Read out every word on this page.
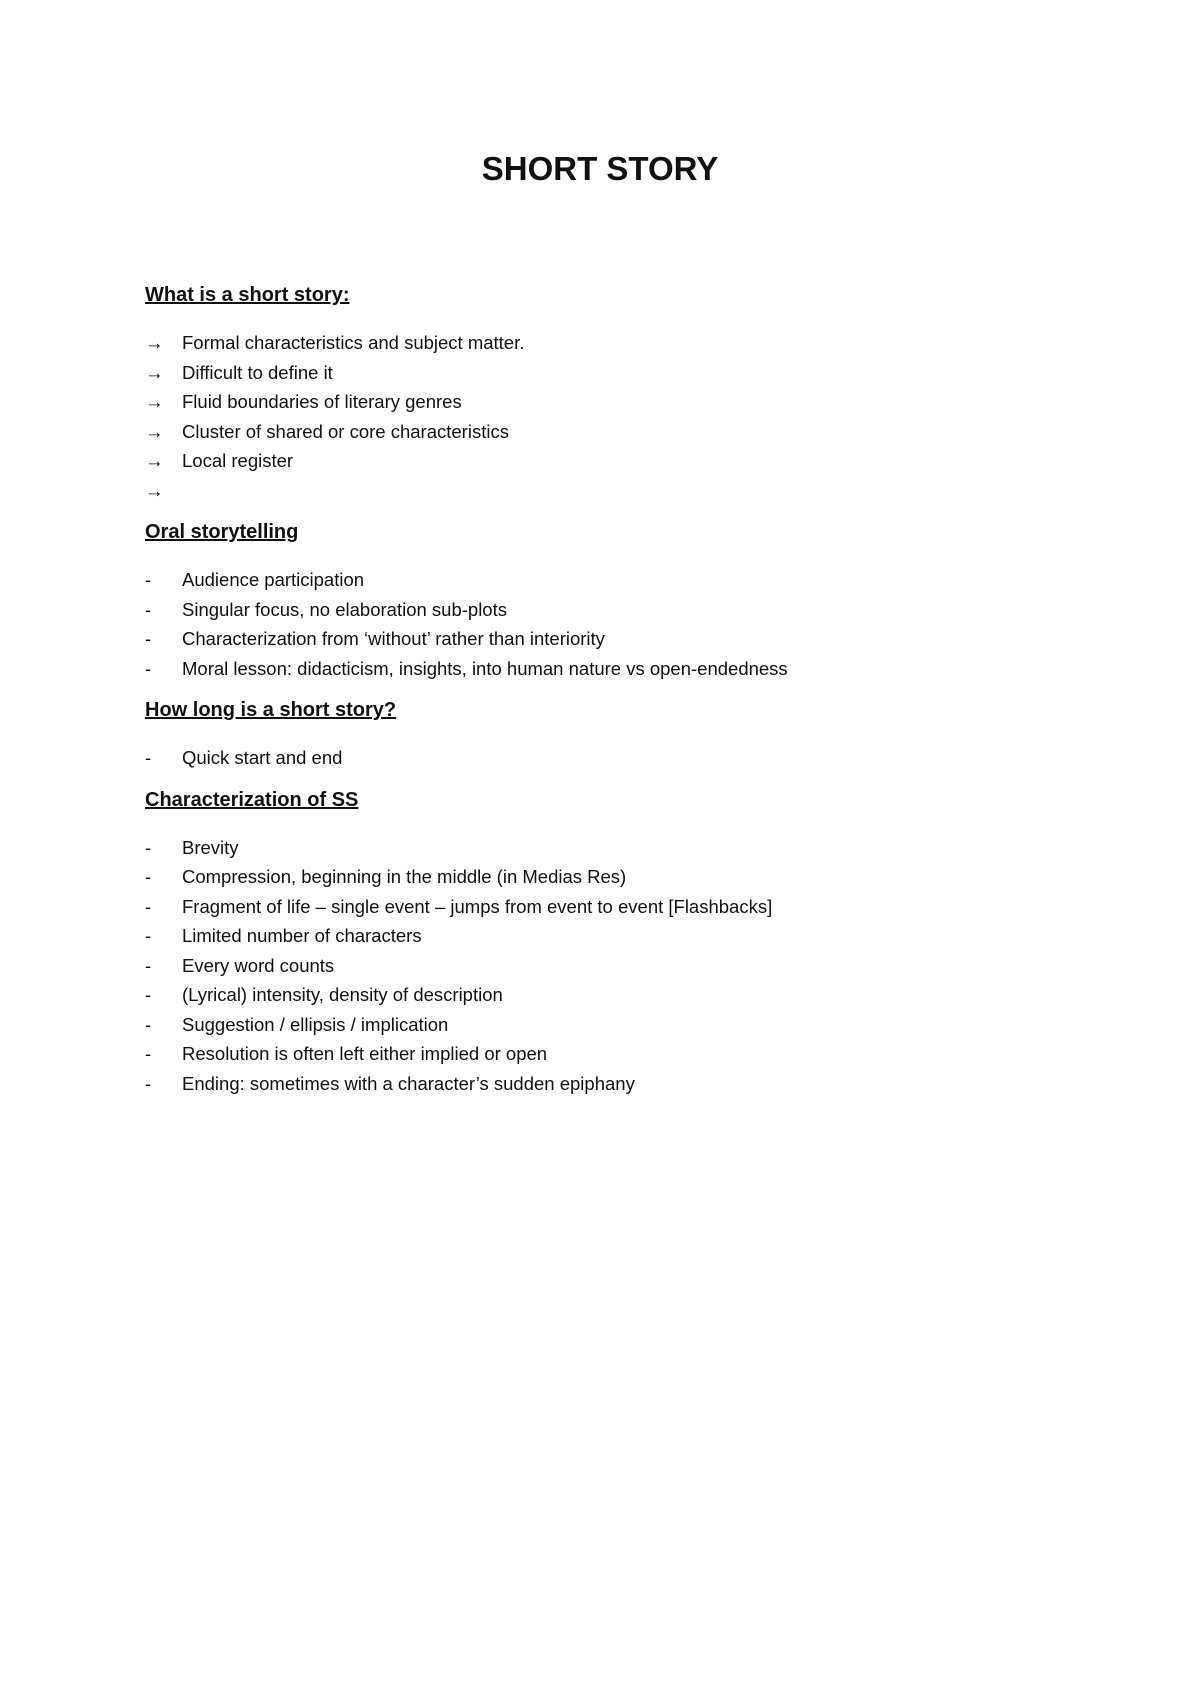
SHORT STORY
What is a short story:
→	Formal characteristics and subject matter.
→	Difficult to define it
→	Fluid boundaries of literary genres
→	Cluster of shared or core characteristics
→	Local register
→
Oral storytelling
-	Audience participation
-	Singular focus, no elaboration sub-plots
-	Characterization from ‘without’ rather than interiority
-	Moral lesson: didacticism, insights, into human nature vs open-endedness
How long is a short story?
-	Quick start and end
Characterization of SS
-	Brevity
-	Compression, beginning in the middle (in Medias Res)
-	Fragment of life – single event – jumps from event to event [Flashbacks]
-	Limited number of characters
-	Every word counts
-	(Lyrical) intensity, density of description
-	Suggestion / ellipsis / implication
-	Resolution is often left either implied or open
-	Ending: sometimes with a character’s sudden epiphany
